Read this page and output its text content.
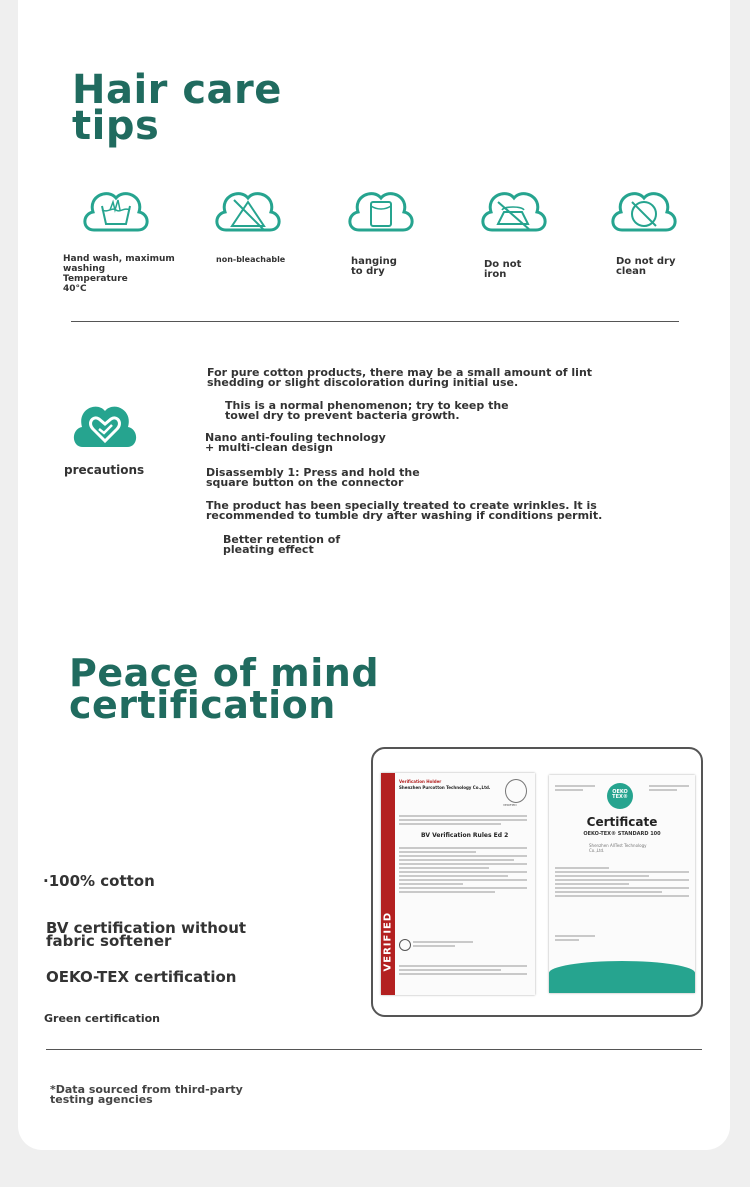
Hair care tips
Hand wash, maximum
washing
Temperature
40°C
non-bleachable	hanging
to dry
Do not
iron
Do not dry
clean
precautions
For pure cotton products, there may be a small amount of lint
shedding or slight discoloration during initial use.
This is a normal phenomenon; try to keep the
towel dry to prevent bacteria growth.
Nano anti-fouling technology
+ multi-clean design
Disassembly 1: Press and hold the
square button on the connector
The product has been specially treated to create wrinkles. It is
recommended to tumble dry after washing if conditions permit.
Better retention of
pleating effect
Peace of mind
certification
·100% cotton
BV certification without
fabric softener
OEKO-TEX certification
Green certification
VERIFIED
Verification Holder
Shenzhen Purcotton Technology Co.,Ltd.
VERIFIED
BV Verification Rules Ed 2
OEKO
TEX®
Certificate
OEKO-TEX® STANDARD 100
Shenzhen AllTest Technology
Co.,Ltd.

*Data sourced from third-party
testing agencies
